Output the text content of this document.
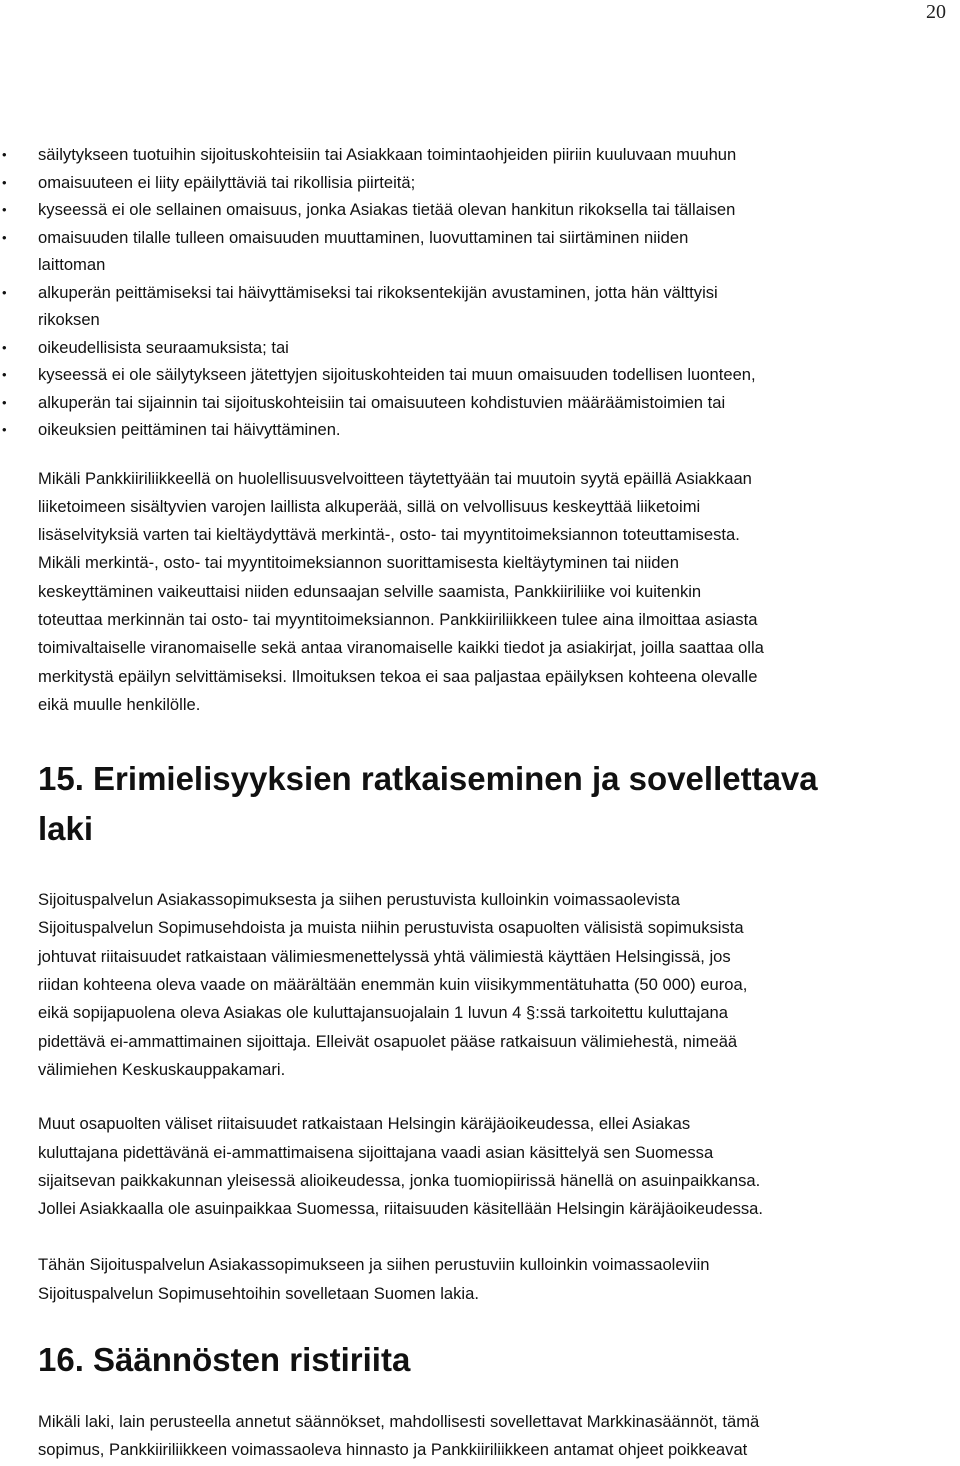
20
• säilytykseen tuotuihin sijoituskohteisiin tai Asiakkaan toimintaohjeiden piiriin kuuluvaan muuhun
• omaisuuteen ei liity epäilyttäviä tai rikollisia piirteitä;
• kyseessä ei ole sellainen omaisuus, jonka Asiakas tietää olevan hankitun rikoksella tai tällaisen
• omaisuuden tilalle tulleen omaisuuden muuttaminen, luovuttaminen tai siirtäminen niiden
laittoman
• alkuperän peittämiseksi tai häivyttämiseksi tai rikoksentekijän avustaminen, jotta hän välttyisi
rikoksen
• oikeudellisista seuraamuksista; tai
• kyseessä ei ole säilytykseen jätettyjen sijoituskohteiden tai muun omaisuuden todellisen luonteen,
• alkuperän tai sijainnin tai sijoituskohteisiin tai omaisuuteen kohdistuvien määräämistoimien tai
• oikeuksien peittäminen tai häivyttäminen.

Mikäli Pankkiiriliikkeellä on huolellisuusvelvoitteen täytettyään tai muutoin syytä epäillä Asiakkaan
liiketoimeen sisältyvien varojen laillista alkuperää, sillä on velvollisuus keskeyttää liiketoimi
lisäselvityksiä varten tai kieltäydyttävä merkintä-, osto- tai myyntitoimeksiannon toteuttamisesta.
Mikäli merkintä-, osto- tai myyntitoimeksiannon suorittamisesta kieltäytyminen tai niiden
keskeyttäminen vaikeuttaisi niiden edunsaajan selville saamista, Pankkiiriliike voi kuitenkin
toteuttaa merkinnän tai osto- tai myyntitoimeksiannon. Pankkiiriliikkeen tulee aina ilmoittaa asiasta
toimivaltaiselle viranomaiselle sekä antaa viranomaiselle kaikki tiedot ja asiakirjat, joilla saattaa olla
merkitystä epäilyn selvittämiseksi. Ilmoituksen tekoa ei saa paljastaa epäilyksen kohteena olevalle
eikä muulle henkilölle.

15. Erimielisyyksien ratkaiseminen ja sovellettava
laki

Sijoituspalvelun Asiakassopimuksesta ja siihen perustuvista kulloinkin voimassaolevista
Sijoituspalvelun Sopimusehdoista ja muista niihin perustuvista osapuolten välisistä sopimuksista
johtuvat riitaisuudet ratkaistaan välimiesmenettelyssä yhtä välimiestä käyttäen Helsingissä, jos
riidan kohteena oleva vaade on määrältään enemmän kuin viisikymmentätuhatta (50 000) euroa,
eikä sopijapuolena oleva Asiakas ole kuluttajansuojalain 1 luvun 4 §:ssä tarkoitettu kuluttajana
pidettävä ei-ammattimainen sijoittaja. Elleivät osapuolet pääse ratkaisuun välimiehestä, nimeää
välimiehen Keskuskauppakamari.

Muut osapuolten väliset riitaisuudet ratkaistaan Helsingin käräjäoikeudessa, ellei Asiakas
kuluttajana pidettävänä ei-ammattimaisena sijoittajana vaadi asian käsittelyä sen Suomessa
sijaitsevan paikkakunnan yleisessä alioikeudessa, jonka tuomiopiirissä hänellä on asuinpaikkansa.
Jollei Asiakkaalla ole asuinpaikkaa Suomessa, riitaisuuden käsitellään Helsingin käräjäoikeudessa.

Tähän Sijoituspalvelun Asiakassopimukseen ja siihen perustuviin kulloinkin voimassaoleviin
Sijoituspalvelun Sopimusehtoihin sovelletaan Suomen lakia.

16. Säännösten ristiriita

Mikäli laki, lain perusteella annetut säännökset, mahdollisesti sovellettavat Markkinasäännöt, tämä
sopimus, Pankkiiriliikkeen voimassaoleva hinnasto ja Pankkiiriliikkeen antamat ohjeet poikkeavat
